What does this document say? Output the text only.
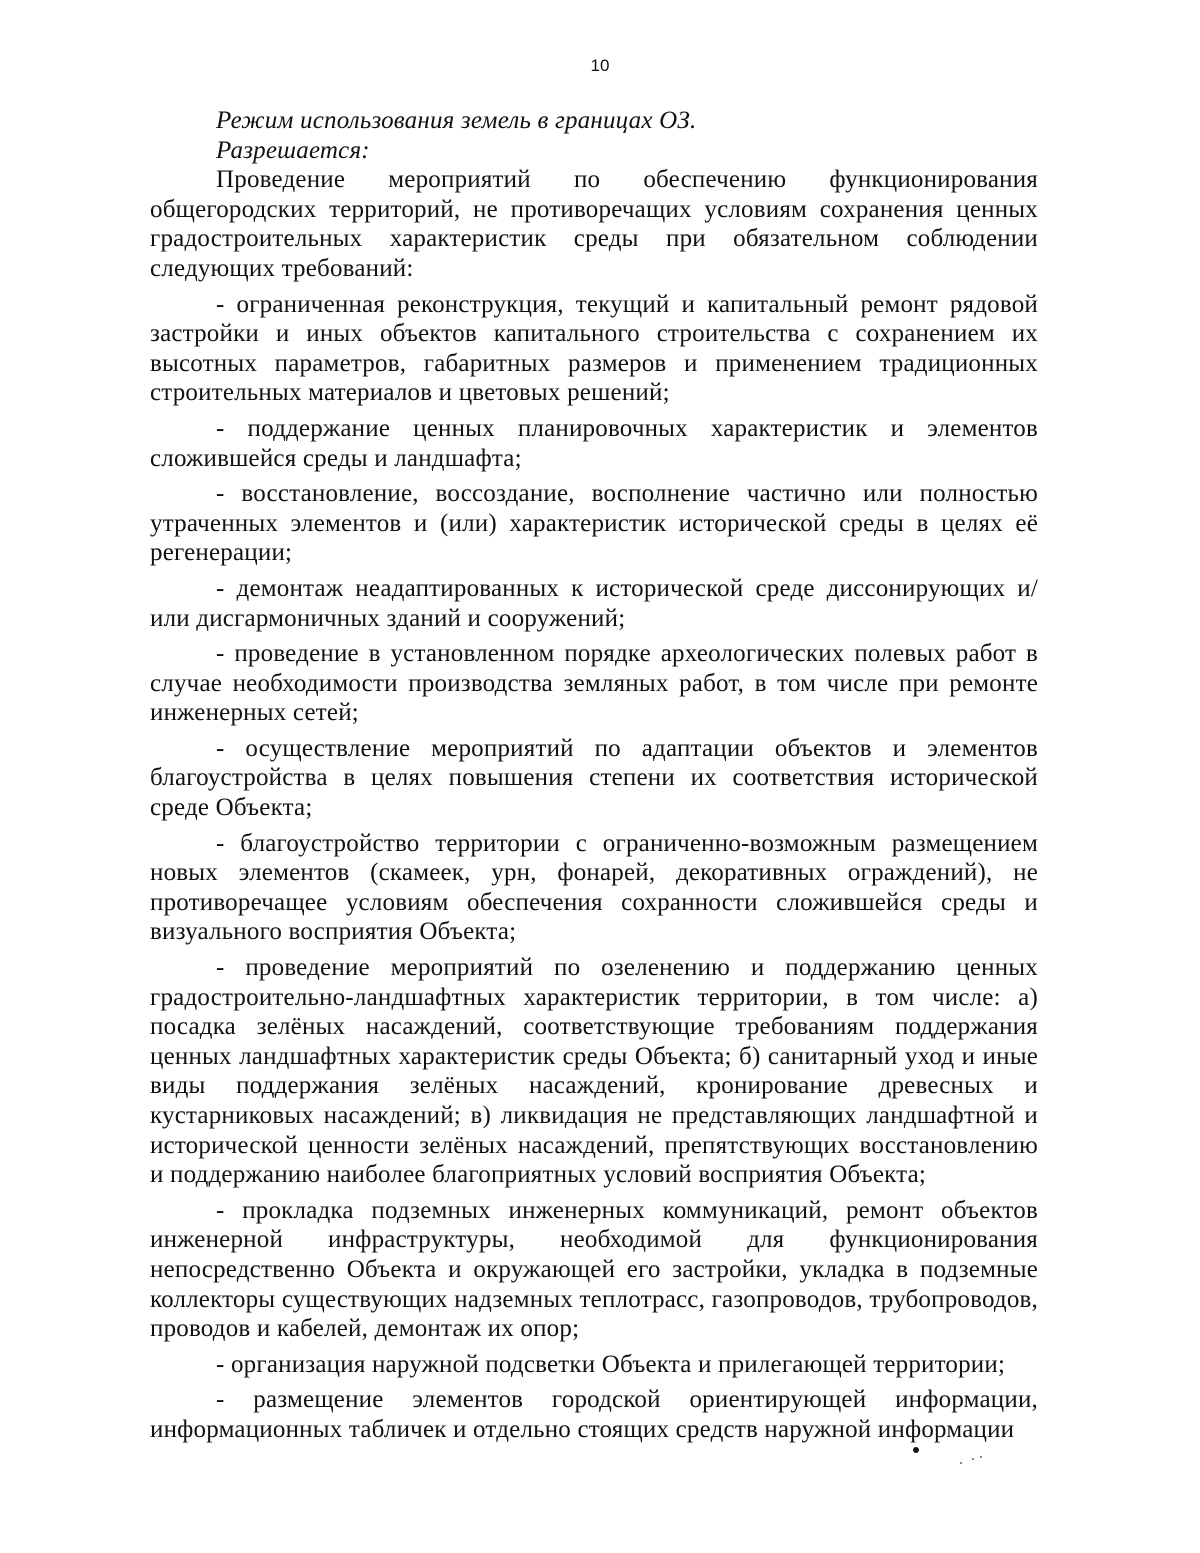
10

Режим использования земель в границах ОЗ.

Разрешается:

Проведение мероприятий по обеспечению функционирования общегородских территорий, не противоречащих условиям сохранения ценных градостроительных характеристик среды при обязательном соблюдении следующих требований:

- ограниченная реконструкция, текущий и капитальный ремонт рядовой застройки и иных объектов капитального строительства с сохранением их высотных параметров, габаритных размеров и применением традиционных строительных материалов и цветовых решений;

- поддержание ценных планировочных характеристик и элементов сложившейся среды и ландшафта;

- восстановление, воссоздание, восполнение частично или полностью утраченных элементов и (или) характеристик исторической среды в целях её регенерации;

- демонтаж неадаптированных к исторической среде диссонирующих и/или дисгармоничных зданий и сооружений;

- проведение в установленном порядке археологических полевых работ в случае необходимости производства земляных работ, в том числе при ремонте инженерных сетей;

- осуществление мероприятий по адаптации объектов и элементов благоустройства в целях повышения степени их соответствия исторической среде Объекта;

- благоустройство территории с ограниченно-возможным размещением новых элементов (скамеек, урн, фонарей, декоративных ограждений), не противоречащее условиям обеспечения сохранности сложившейся среды и визуального восприятия Объекта;

- проведение мероприятий по озеленению и поддержанию ценных градостроительно-ландшафтных характеристик территории, в том числе: а) посадка зелёных насаждений, соответствующие требованиям поддержания ценных ландшафтных характеристик среды Объекта; б) санитарный уход и иные виды поддержания зелёных насаждений, кронирование древесных и кустарниковых насаждений; в) ликвидация не представляющих ландшафтной и исторической ценности зелёных насаждений, препятствующих восстановлению и поддержанию наиболее благоприятных условий восприятия Объекта;

- прокладка подземных инженерных коммуникаций, ремонт объектов инженерной инфраструктуры, необходимой для функционирования непосредственно Объекта и окружающей его застройки, укладка в подземные коллекторы существующих надземных теплотрасс, газопроводов, трубопроводов, проводов и кабелей, демонтаж их опор;

- организация наружной подсветки Объекта и прилегающей территории;

- размещение элементов городской ориентирующей информации, информационных табличек и отдельно стоящих средств наружной информации
